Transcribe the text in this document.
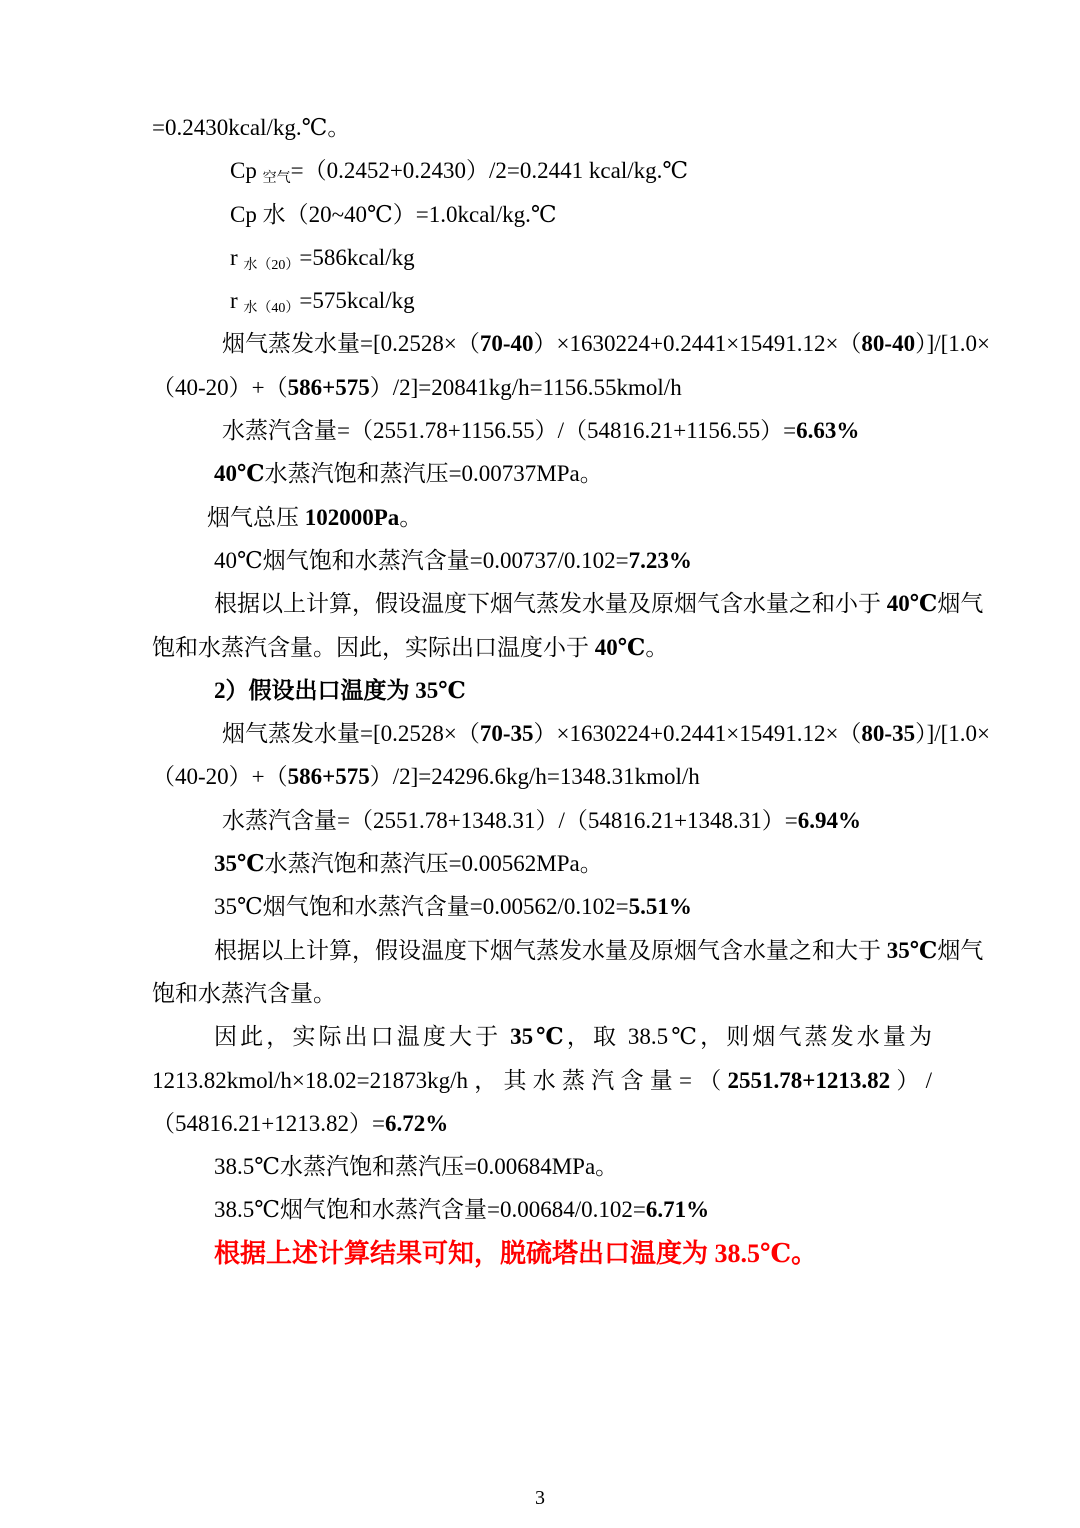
=0.2430kcal/kg.℃。
Cp $_{空气}$=（0.2452+0.2430）/2=0.2441 kcal/kg.℃
Cp 水（20~40℃）=1.0kcal/kg.℃
r $_{水(20)}$=586kcal/kg
r $_{水(40)}$=575kcal/kg
烟气蒸发水量=[0.2528×（70-40）×1630224+0.2441×15491.12×（80-40）]/[1.0×
（40-20）+（586+575）/2]=20841kg/h=1156.55kmol/h
水蒸汽含量=（2551.78+1156.55）/（54816.21+1156.55）=6.63%
40℃水蒸汽饱和蒸汽压=0.00737MPa。
烟气总压 102000Pa。
40℃烟气饱和水蒸汽含量=0.00737/0.102=7.23%
根据以上计算，假设温度下烟气蒸发水量及原烟气含水量之和小于 40℃烟气
饱和水蒸汽含量。因此，实际出口温度小于 40℃。
2）假设出口温度为 35℃
烟气蒸发水量=[0.2528×（70-35）×1630224+0.2441×15491.12×（80-35）]/[1.0×
（40-20）+（586+575）/2]=24296.6kg/h=1348.31kmol/h
水蒸汽含量=（2551.78+1348.31）/（54816.21+1348.31）=6.94%
35℃水蒸汽饱和蒸汽压=0.00562MPa。
35℃烟气饱和水蒸汽含量=0.00562/0.102=5.51%
根据以上计算，假设温度下烟气蒸发水量及原烟气含水量之和大于 35℃烟气
饱和水蒸汽含量。
因此，实际出口温度大于 35℃，取 38.5℃，则烟气蒸发水量为
1213.82kmol/h×18.02=21873kg/h，其水蒸汽含量=（2551.78+1213.82）/
（54816.21+1213.82）=6.72%
38.5℃水蒸汽饱和蒸汽压=0.00684MPa。
38.5℃烟气饱和水蒸汽含量=0.00684/0.102=6.71%
根据上述计算结果可知，脱硫塔出口温度为 38.5℃。
3
